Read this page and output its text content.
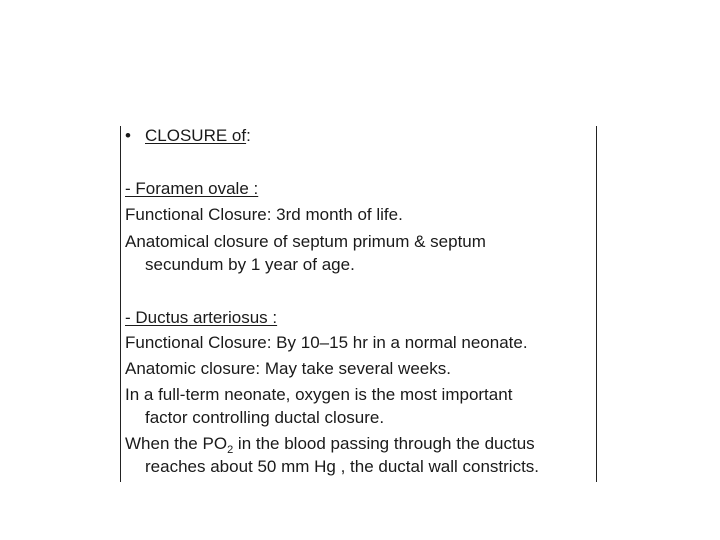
• CLOSURE of:
- Foramen ovale :
Functional Closure: 3rd month of life.
Anatomical closure of septum primum & septum
secundum by 1 year of age.
- Ductus arteriosus :
Functional Closure: By 10–15 hr in a normal neonate.
Anatomic closure: May take several weeks.
In a full-term neonate, oxygen is the most important
factor controlling ductal closure.
When the $PO_2$ in the blood passing through the ductus
reaches about 50 mm Hg , the ductal wall constricts.
